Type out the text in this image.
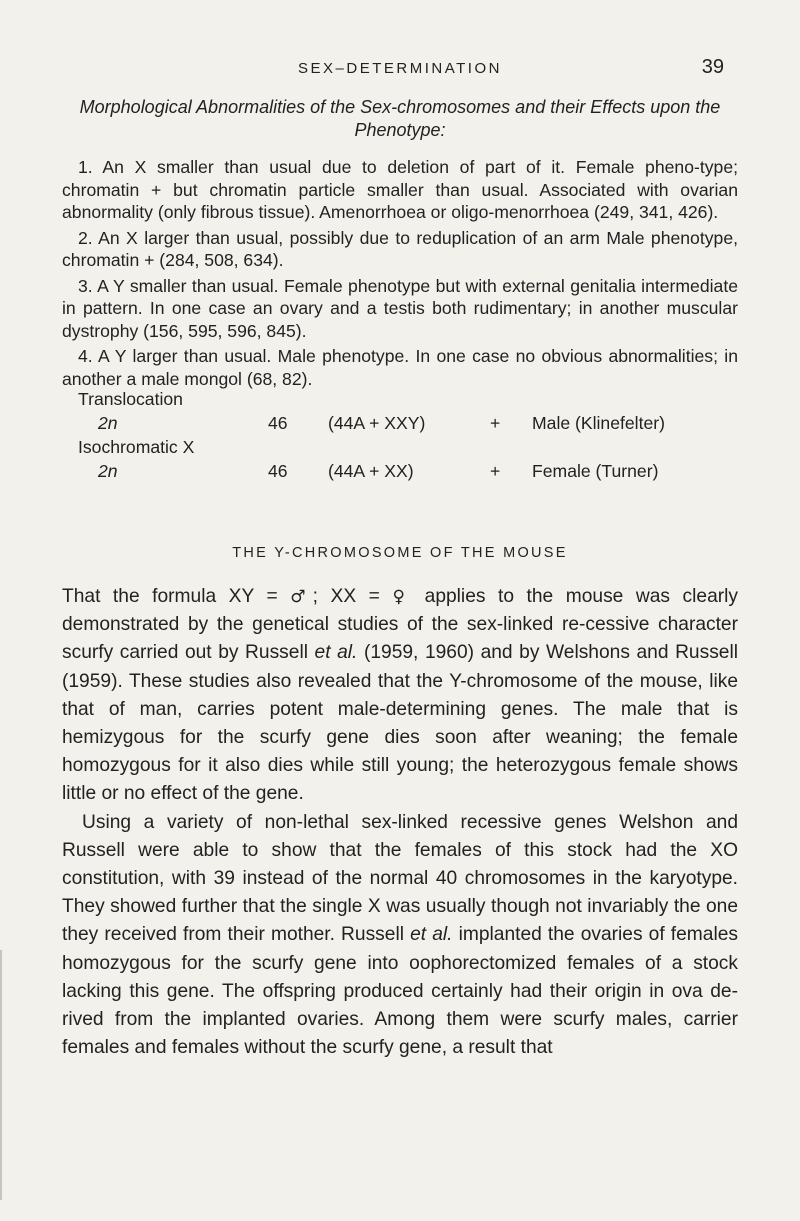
SEX–DETERMINATION	39
Morphological Abnormalities of the Sex-chromosomes and their Effects upon the Phenotype:

1. An X smaller than usual due to deletion of part of it. Female pheno-type; chromatin + but chromatin particle smaller than usual. Associated with ovarian abnormality (only fibrous tissue). Amenorrhoea or oligo-menorrhoea (249, 341, 426).

2. An X larger than usual, possibly due to reduplication of an arm Male phenotype, chromatin + (284, 508, 634).

3. A Y smaller than usual. Female phenotype but with external genitalia intermediate in pattern. In one case an ovary and a testis both rudimentary; in another muscular dystrophy (156, 595, 596, 845).

4. A Y larger than usual. Male phenotype. In one case no obvious abnormalities; in another a male mongol (68, 82).

Translocation
2n	46 (44A + XXY)	+ Male (Klinefelter)
Isochromatic X
2n	46 (44A + XX)	+ Female (Turner)
THE Y-CHROMOSOME OF THE MOUSE

That the formula XY = ♂; XX = ♀ applies to the mouse was clearly demonstrated by the genetical studies of the sex-linked re-cessive character scurfy carried out by Russell et al. (1959, 1960) and by Welshons and Russell (1959). These studies also revealed that the Y-chromosome of the mouse, like that of man, carries potent male-determining genes. The male that is hemizygous for the scurfy gene dies soon after weaning; the female homozygous for it also dies while still young; the heterozygous female shows little or no effect of the gene.

Using a variety of non-lethal sex-linked recessive genes Welshon and Russell were able to show that the females of this stock had the XO constitution, with 39 instead of the normal 40 chromosomes in the karyotype. They showed further that the single X was usually though not invariably the one they received from their mother. Russell et al. implanted the ovaries of females homozygous for the scurfy gene into oophorectomized females of a stock lacking this gene. The offspring produced certainly had their origin in ova de-rived from the implanted ovaries. Among them were scurfy males, carrier females and females without the scurfy gene, a result that
